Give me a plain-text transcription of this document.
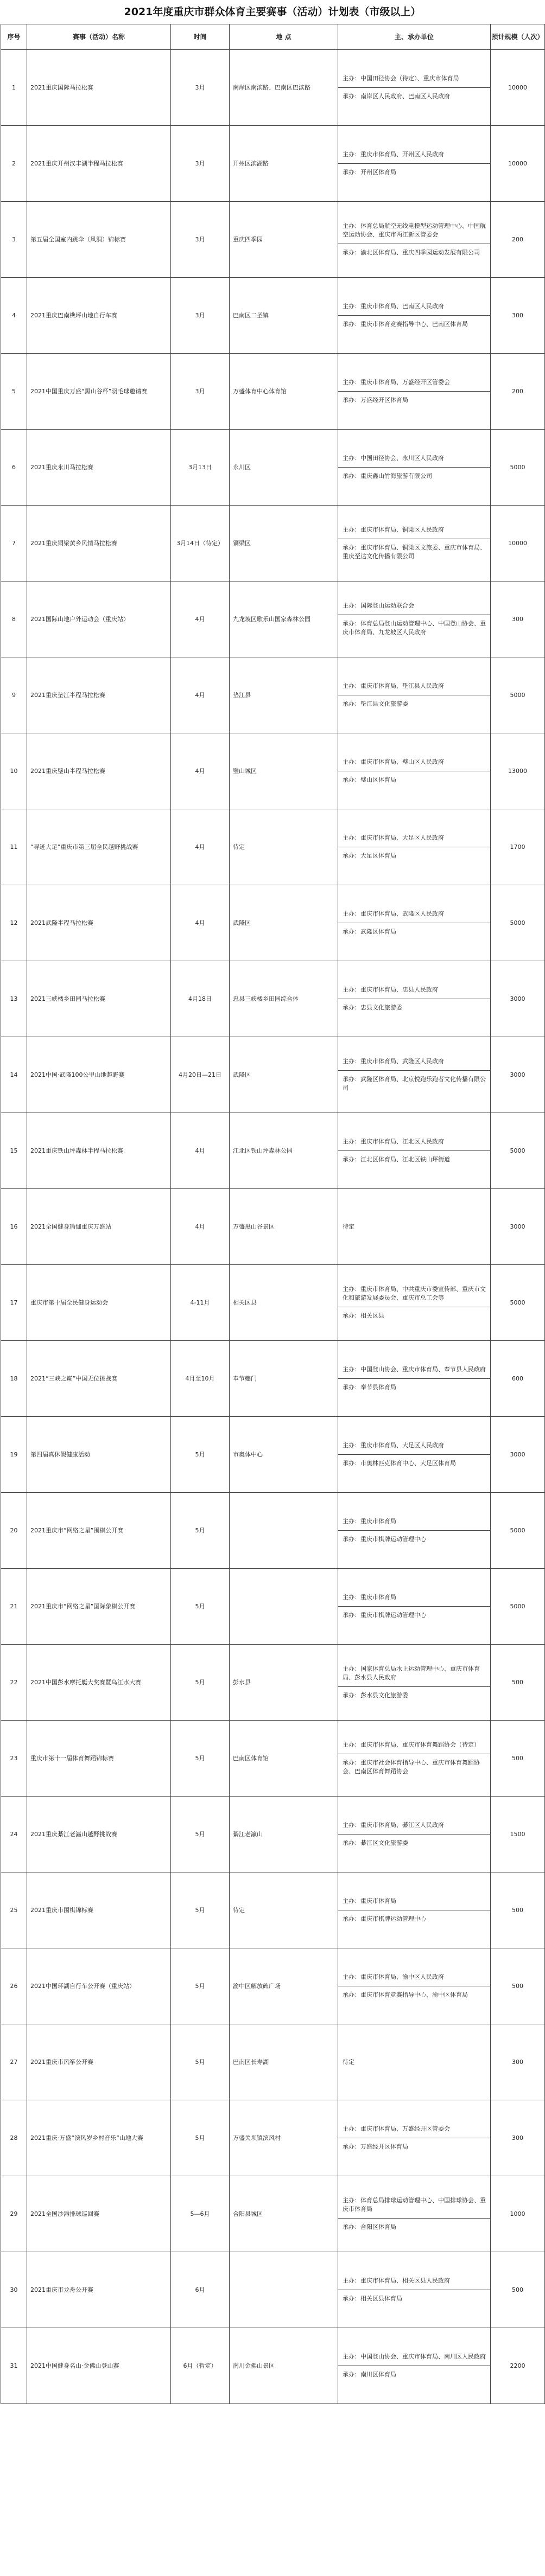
2021年度重庆市群众体育主要赛事（活动）计划表（市级以上）
序号	赛事（活动）名称	时间	地 点	主、承办单位	预计规模（人次）
1	2021重庆国际马拉松赛	3月	南岸区南滨路、巴南区巴滨路	主办：中国田径协会（待定）、重庆市体育局
承办：南岸区人民政府、巴南区人民政府	10000
2	2021重庆开州汉丰湖半程马拉松赛	3月	开州区滨湖路	主办：重庆市体育局、开州区人民政府
承办：开州区体育局	10000
3	第五届全国室内跳伞（风洞）锦标赛	3月	重庆四季园	主办：体育总局航空无线电模型运动管理中心、中国航空运动协会、重庆市两江新区管委会
承办：渝北区体育局、重庆四季园运动发展有限公司	200
4	2021重庆巴南樵坪山地自行车赛	3月	巴南区二圣镇	主办：重庆市体育局、巴南区人民政府
承办：重庆市体育竞赛指导中心、巴南区体育局	300
5	2021中国重庆万盛“黑山谷杯”羽毛球邀请赛	3月	万盛体育中心体育馆	主办：重庆市体育局、万盛经开区管委会
承办：万盛经开区体育局	200
6	2021重庆永川马拉松赛	3月13日	永川区	主办：中国田径协会、永川区人民政府
承办：重庆鑫山竹海旅游有限公司	5000
7	2021重庆铜梁黄乡风情马拉松赛	3月14日（待定）	铜梁区	主办：重庆市体育局、铜梁区人民政府
承办：重庆市体育局、铜梁区文旅委、重庆市体育局、重庆至达文化传播有限公司	10000
8	2021国际山地户外运动会（重庆站）	4月	九龙坡区歌乐山国家森林公园	主办：国际登山运动联合会
承办：体育总局登山运动管理中心、中国登山协会、重庆市体育局、九龙坡区人民政府	300
9	2021重庆垫江半程马拉松赛	4月	垫江县	主办：重庆市体育局、垫江县人民政府
承办：垫江县文化旅游委	5000
10	2021重庆璧山半程马拉松赛	4月	璧山城区	主办：重庆市体育局、璧山区人民政府
承办：璧山区体育局	13000
11	“寻迹大足”重庆市第三届全民越野挑战赛	4月	待定	主办：重庆市体育局、大足区人民政府
承办：大足区体育局	1700
12	2021武隆半程马拉松赛	4月	武隆区	主办：重庆市体育局、武隆区人民政府
承办：武隆区体育局	5000
13	2021三峡橘乡田园马拉松赛	4月18日	忠县三峡橘乡田园综合体	主办：重庆市体育局、忠县人民政府
承办：忠县文化旅游委	3000
14	2021中国·武隆100公里山地越野赛	4月20日—21日	武隆区	主办：重庆市体育局、武隆区人民政府
承办：武隆区体育局、北京悦跑乐跑者文化传播有限公司	3000
15	2021重庆铁山坪森林半程马拉松赛	4月	江北区铁山坪森林公园	主办：重庆市体育局、江北区人民政府
承办：江北区体育局、江北区铁山坪街道	5000
16	2021全国健身瑜伽重庆万盛站	4月	万盛黑山谷景区	待定	3000
17	重庆市第十届全民健身运动会	4-11月	相关区县	主办：重庆市体育局、中共重庆市委宣传部、重庆市文化和旅游发展委员会、重庆市总工会等
承办：相关区县	5000
18	2021“三峡之巅”中国无位挑战赛	4月至10月	奉节夔门	主办：中国登山协会、重庆市体育局、奉节县人民政府
承办：奉节县体育局	600
19	第四届真休假健康活动	5月	市奥体中心	主办：重庆市体育局、大足区人民政府
承办：市奥林匹克体育中心、大足区体育局	3000
20	2021重庆市“网络之星”围棋公开赛	5月		主办：重庆市体育局
承办：重庆市棋牌运动管理中心	5000
21	2021重庆市“网络之星”国际象棋公开赛	5月		主办：重庆市体育局
承办：重庆市棋牌运动管理中心	5000
22	2021中国彭水摩托艇大奖赛暨乌江水大赛	5月	彭水县	主办：国家体育总局水上运动管理中心、重庆市体育局、彭水县人民政府
承办：彭水县文化旅游委	500
23	重庆市第十一届体育舞蹈锦标赛	5月	巴南区体育馆	主办：重庆市体育局、重庆市体育舞蹈协会（待定）
承办：重庆市社会体育指导中心、重庆市体育舞蹈协会、巴南区体育舞蹈协会	500
24	2021重庆綦江老瀛山越野挑战赛	5月	綦江老瀛山	主办：重庆市体育局、綦江区人民政府
承办：綦江区文化旅游委	1500
25	2021重庆市围棋锦标赛	5月	待定	主办：重庆市体育局
承办：重庆市棋牌运动管理中心	500
26	2021中国环湖自行车公开赛（重庆站）	5月	渝中区解放碑广场	主办：重庆市体育局、渝中区人民政府
承办：重庆市体育竞赛指导中心、渝中区体育局	500
27	2021重庆市风筝公开赛	5月	巴南区长寿湖	待定	300
28	2021重庆·万盛“滨风岁乡村音乐”山地大赛	5月	万盛关坝镇滨风村	主办：重庆市体育局、万盛经开区管委会
承办：万盛经开区体育局	300
29	2021全国沙滩排球巡回赛	5—6月	合阳县城区	主办：体育总局排球运动管理中心、中国排球协会、重庆市体育局
承办：合阳区体育局	1000
30	2021重庆市龙舟公开赛	6月		主办：重庆市体育局、相关区县人民政府
承办：相关区县体育局	500
31	2021中国健身名山·金佛山登山赛	6月（暂定）	南川金佛山景区	主办：中国登山协会、重庆市体育局、南川区人民政府
承办：南川区体育局	2200
